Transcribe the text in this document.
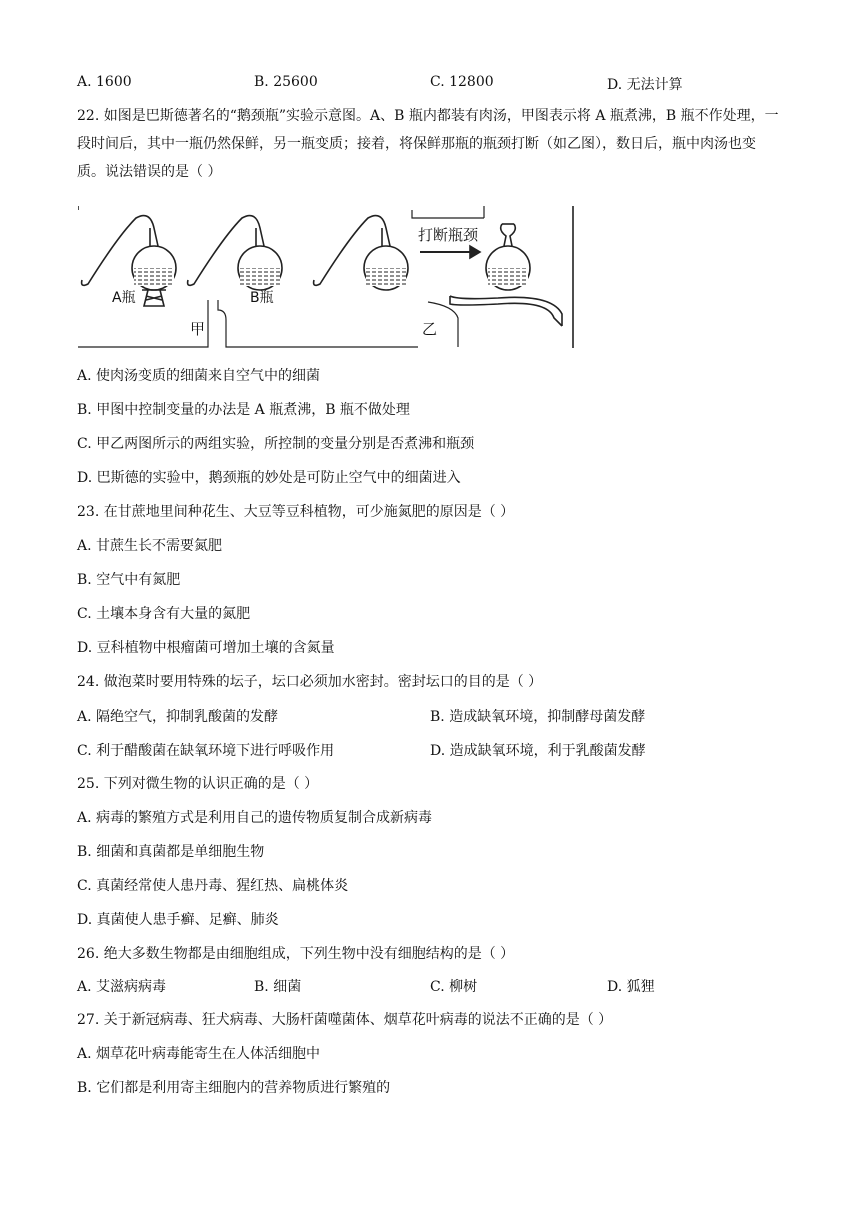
A. 1600	B. 25600	C. 12800	D. 无法计算
22. 如图是巴斯德著名的“鹅颈瓶”实验示意图。A、B 瓶内都装有肉汤，甲图表示将 A 瓶煮沸，B 瓶不作处理，一段时间后，其中一瓶仍然保鲜，另一瓶变质；接着，将保鲜那瓶的瓶颈打断（如乙图），数日后，瓶中肉汤也变质。说法错误的是（ ）
A瓶	B瓶
甲	乙
打断瓶颈
A. 使肉汤变质的细菌来自空气中的细菌
B. 甲图中控制变量的办法是 A 瓶煮沸，B 瓶不做处理
C. 甲乙两图所示的两组实验，所控制的变量分别是否煮沸和瓶颈
D. 巴斯德的实验中，鹅颈瓶的妙处是可防止空气中的细菌进入
23. 在甘蔗地里间种花生、大豆等豆科植物，可少施氮肥的原因是（ ）
A. 甘蔗生长不需要氮肥
B. 空气中有氮肥
C. 土壤本身含有大量的氮肥
D. 豆科植物中根瘤菌可增加土壤的含氮量
24. 做泡菜时要用特殊的坛子，坛口必须加水密封。密封坛口的目的是（ ）
A. 隔绝空气，抑制乳酸菌的发酵	B. 造成缺氧环境，抑制酵母菌发酵
C. 利于醋酸菌在缺氧环境下进行呼吸作用	D. 造成缺氧环境，利于乳酸菌发酵
25. 下列对微生物的认识正确的是（ ）
A. 病毒的繁殖方式是利用自己的遗传物质复制合成新病毒
B. 细菌和真菌都是单细胞生物
C. 真菌经常使人患丹毒、猩红热、扁桃体炎
D. 真菌使人患手癣、足癣、肺炎
26. 绝大多数生物都是由细胞组成，下列生物中没有细胞结构的是（ ）
A. 艾滋病病毒	B. 细菌	C. 柳树	D. 狐狸
27. 关于新冠病毒、狂犬病毒、大肠杆菌噬菌体、烟草花叶病毒的说法不正确的是（ ）
A. 烟草花叶病毒能寄生在人体活细胞中
B. 它们都是利用寄主细胞内的营养物质进行繁殖的
